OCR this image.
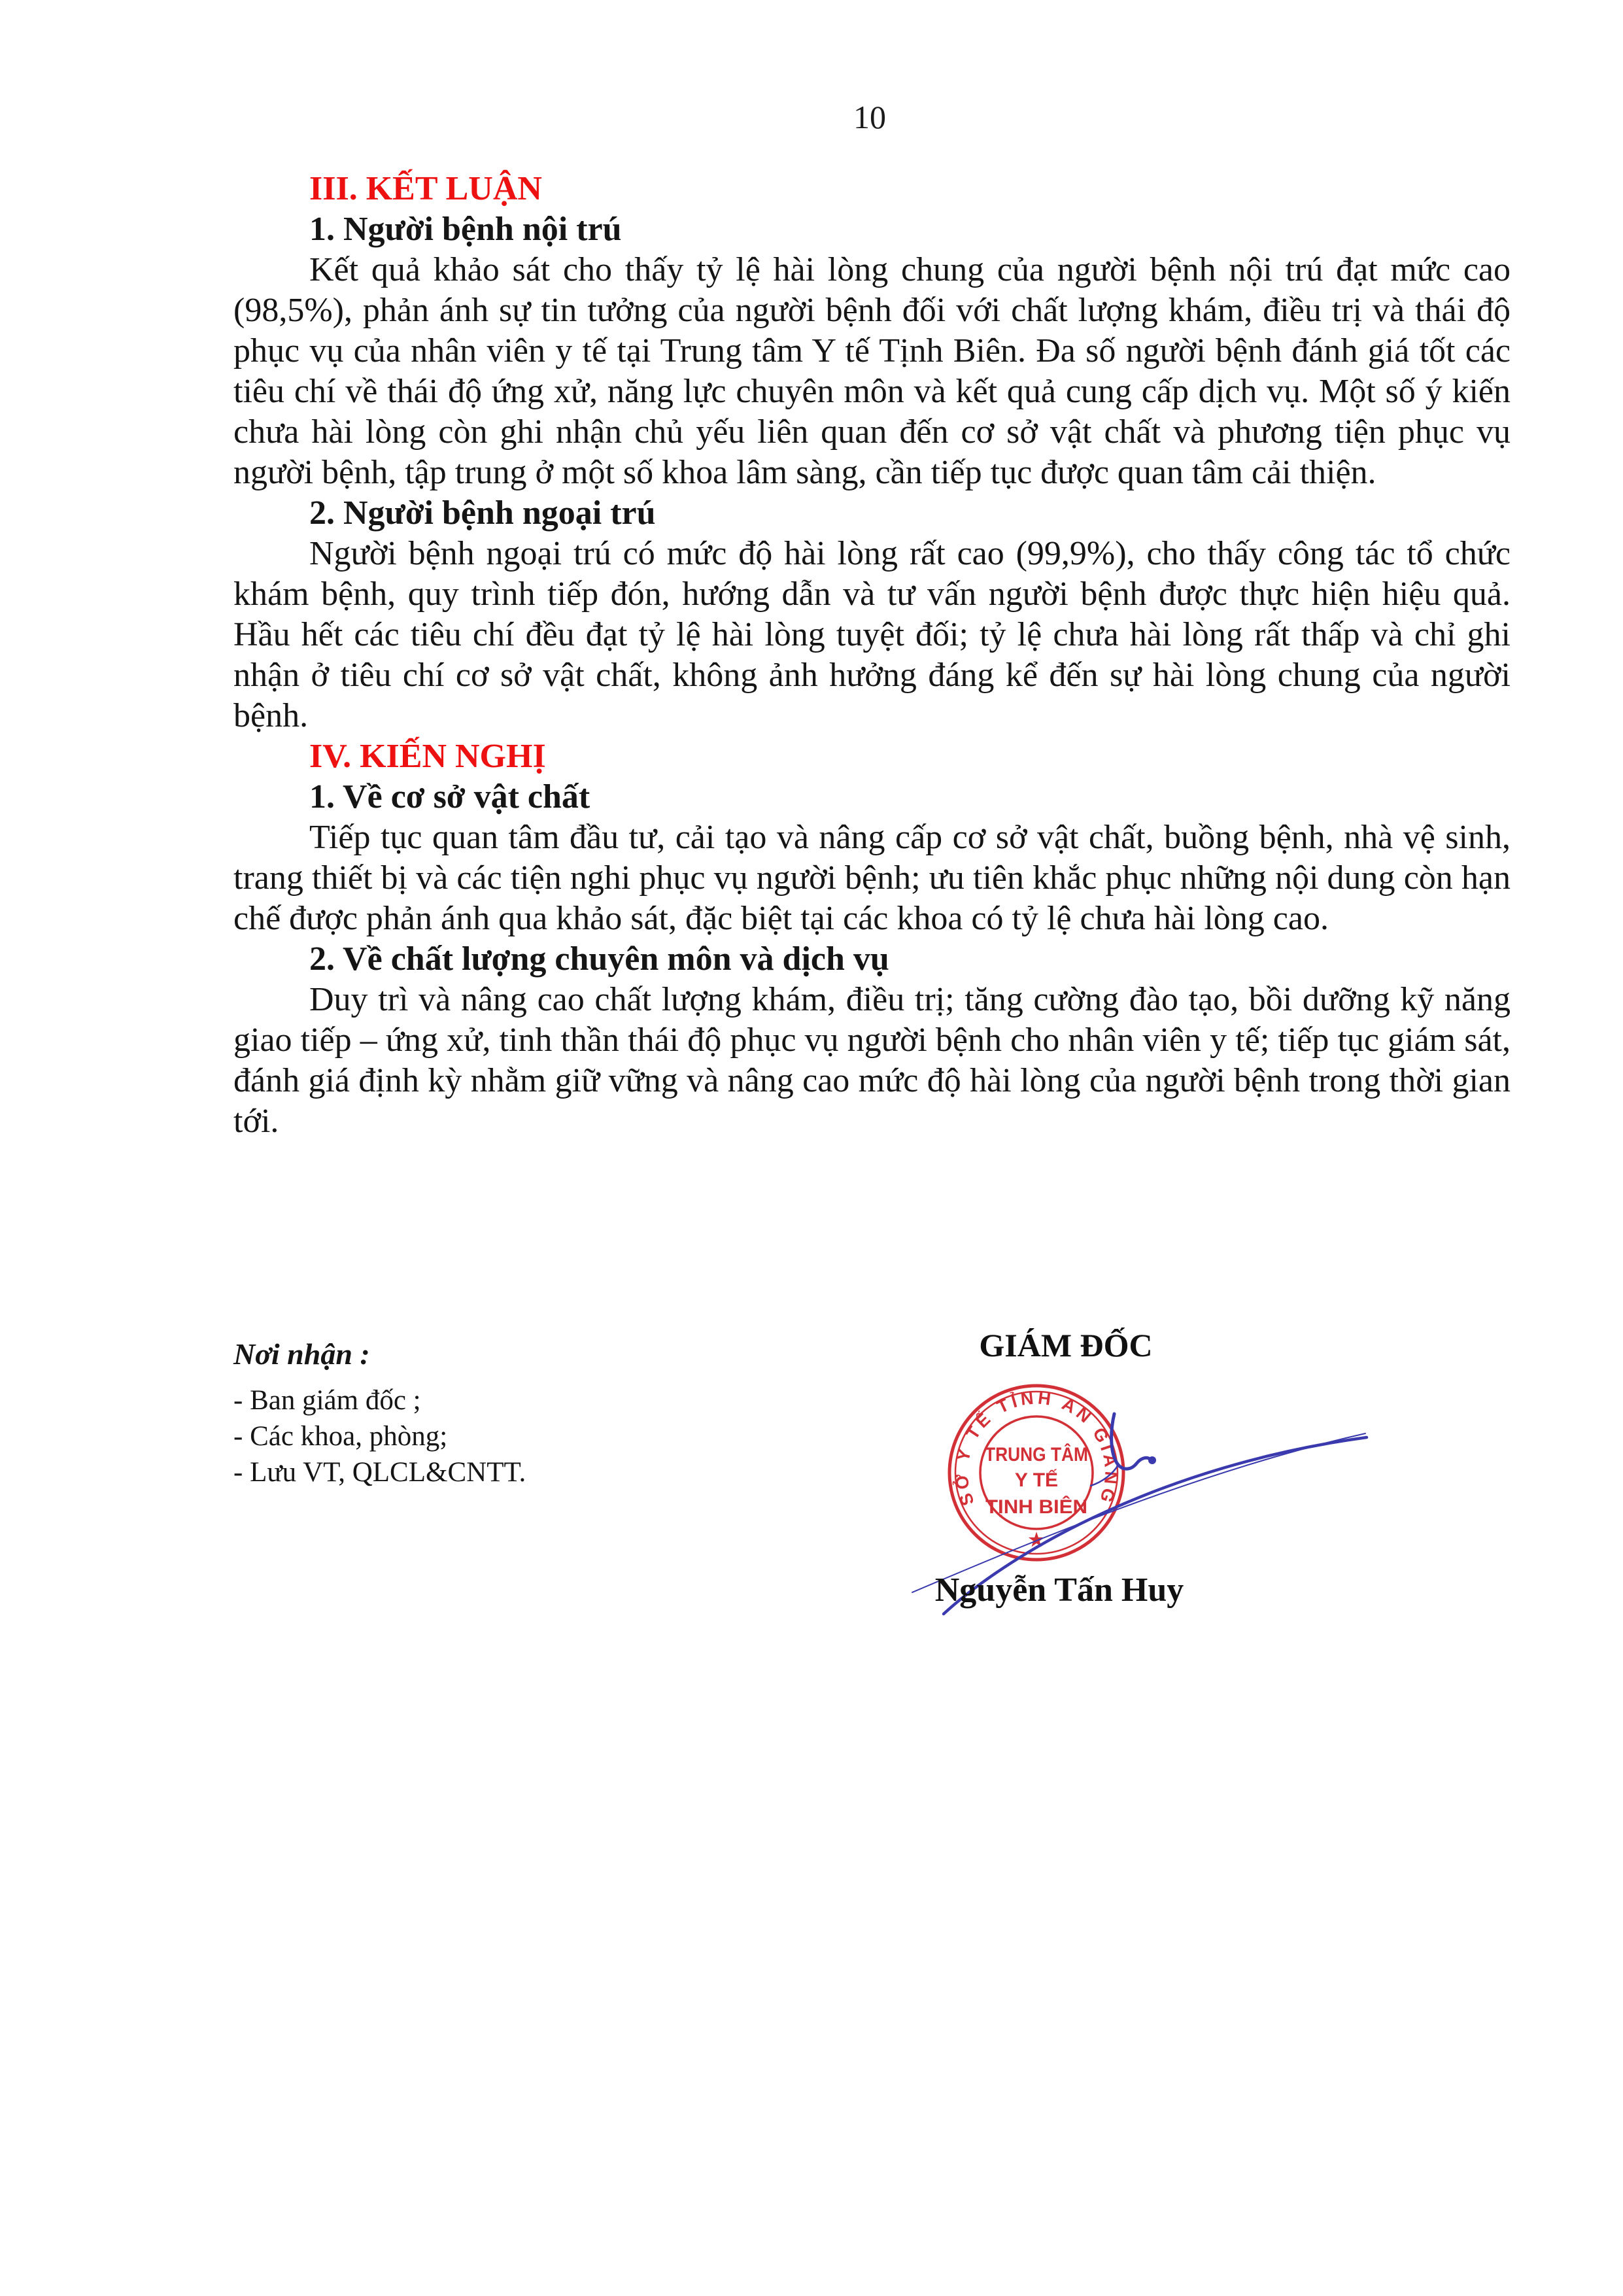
10
III. KẾT LUẬN
1. Người bệnh nội trú

Kết quả khảo sát cho thấy tỷ lệ hài lòng chung của người bệnh nội trú đạt mức cao (98,5%), phản ánh sự tin tưởng của người bệnh đối với chất lượng khám, điều trị và thái độ phục vụ của nhân viên y tế tại Trung tâm Y tế Tịnh Biên. Đa số người bệnh đánh giá tốt các tiêu chí về thái độ ứng xử, năng lực chuyên môn và kết quả cung cấp dịch vụ. Một số ý kiến chưa hài lòng còn ghi nhận chủ yếu liên quan đến cơ sở vật chất và phương tiện phục vụ người bệnh, tập trung ở một số khoa lâm sàng, cần tiếp tục được quan tâm cải thiện.

2. Người bệnh ngoại trú

Người bệnh ngoại trú có mức độ hài lòng rất cao (99,9%), cho thấy công tác tổ chức khám bệnh, quy trình tiếp đón, hướng dẫn và tư vấn người bệnh được thực hiện hiệu quả. Hầu hết các tiêu chí đều đạt tỷ lệ hài lòng tuyệt đối; tỷ lệ chưa hài lòng rất thấp và chỉ ghi nhận ở tiêu chí cơ sở vật chất, không ảnh hưởng đáng kể đến sự hài lòng chung của người bệnh.

IV. KIẾN NGHỊ
1. Về cơ sở vật chất

Tiếp tục quan tâm đầu tư, cải tạo và nâng cấp cơ sở vật chất, buồng bệnh, nhà vệ sinh, trang thiết bị và các tiện nghi phục vụ người bệnh; ưu tiên khắc phục những nội dung còn hạn chế được phản ánh qua khảo sát, đặc biệt tại các khoa có tỷ lệ chưa hài lòng cao.

2. Về chất lượng chuyên môn và dịch vụ

Duy trì và nâng cao chất lượng khám, điều trị; tăng cường đào tạo, bồi dưỡng kỹ năng giao tiếp – ứng xử, tinh thần thái độ phục vụ người bệnh cho nhân viên y tế; tiếp tục giám sát, đánh giá định kỳ nhằm giữ vững và nâng cao mức độ hài lòng của người bệnh trong thời gian tới.

Nơi nhận :
- Ban giám đốc ;
- Các khoa, phòng;
- Lưu VT, QLCL&CNTT.
GIÁM ĐỐC
SỞ Y TẾ TỈNH AN GIANG
TRUNG TÂM
Y TẾ
TỊNH BIÊN
★
Nguyễn Tấn Huy
